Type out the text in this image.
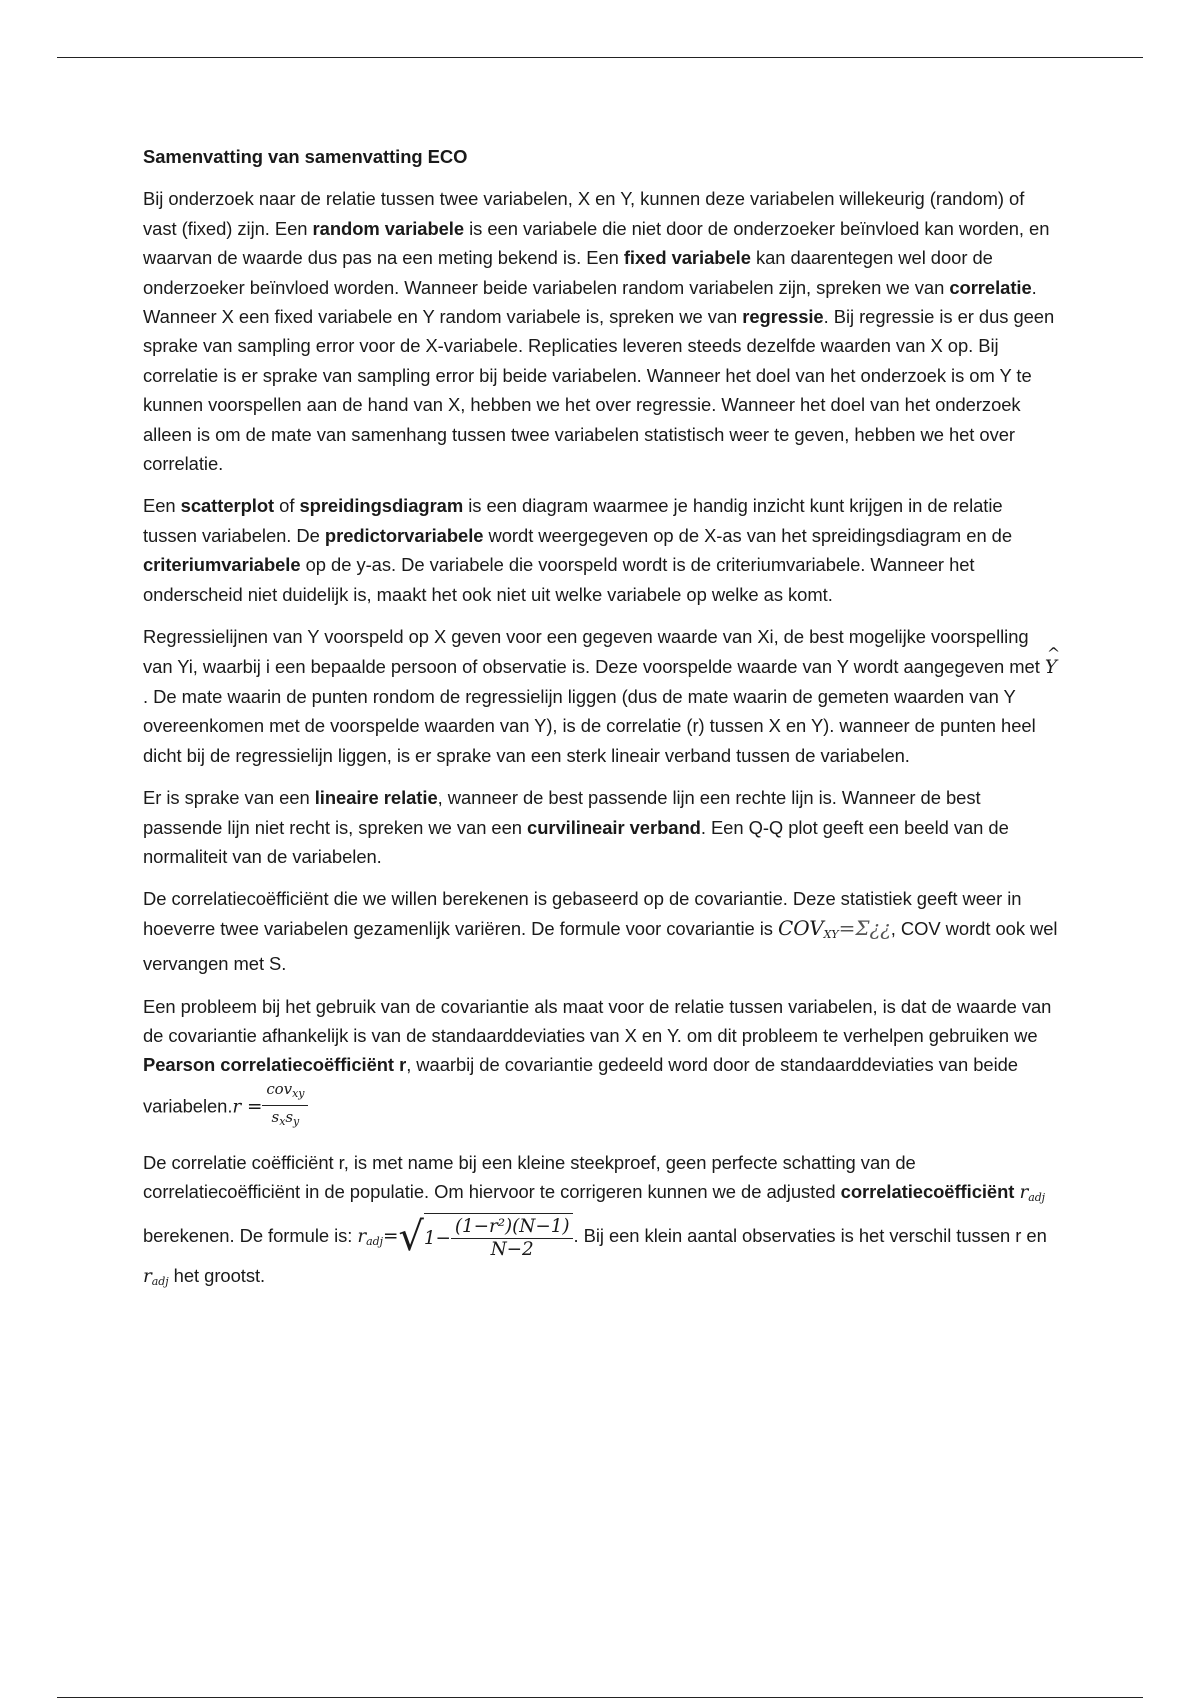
Samenvatting van samenvatting ECO

Bij onderzoek naar de relatie tussen twee variabelen, X en Y, kunnen deze variabelen willekeurig (random) of vast (fixed) zijn. Een random variabele is een variabele die niet door de onderzoeker beïnvloed kan worden, en waarvan de waarde dus pas na een meting bekend is. Een fixed variabele kan daarentegen wel door de onderzoeker beïnvloed worden. Wanneer beide variabelen random variabelen zijn, spreken we van correlatie. Wanneer X een fixed variabele en Y random variabele is, spreken we van regressie. Bij regressie is er dus geen sprake van sampling error voor de X-variabele. Replicaties leveren steeds dezelfde waarden van X op. Bij correlatie is er sprake van sampling error bij beide variabelen. Wanneer het doel van het onderzoek is om Y te kunnen voorspellen aan de hand van X, hebben we het over regressie. Wanneer het doel van het onderzoek alleen is om de mate van samenhang tussen twee variabelen statistisch weer te geven, hebben we het over correlatie.

Een scatterplot of spreidingsdiagram is een diagram waarmee je handig inzicht kunt krijgen in de relatie tussen variabelen. De predictorvariabele wordt weergegeven op de X-as van het spreidingsdiagram en de criteriumvariabele op de y-as. De variabele die voorspeld wordt is de criteriumvariabele. Wanneer het onderscheid niet duidelijk is, maakt het ook niet uit welke variabele op welke as komt.

Regressielijnen van Y voorspeld op X geven voor een gegeven waarde van Xi, de best mogelijke voorspelling van Yi, waarbij i een bepaalde persoon of observatie is. Deze voorspelde waarde van Y wordt aangegeven met ^ Y. De mate waarin de punten rondom de regressielijn liggen (dus de mate waarin de gemeten waarden van Y overeenkomen met de voorspelde waarden van Y), is de correlatie (r) tussen X en Y). wanneer de punten heel dicht bij de regressielijn liggen, is er sprake van een sterk lineair verband tussen de variabelen.

Er is sprake van een lineaire relatie, wanneer de best passende lijn een rechte lijn is. Wanneer de best passende lijn niet recht is, spreken we van een curvilineair verband. Een Q-Q plot geeft een beeld van de normaliteit van de variabelen.

De correlatiecoëfficiënt die we willen berekenen is gebaseerd op de covariantie. Deze statistiek geeft weer in hoeverre twee variabelen gezamenlijk variëren. De formule voor covariantie is $COV_{XY}=\Sigma¿¿$, COV wordt ook wel vervangen met S.

Een probleem bij het gebruik van de covariantie als maat voor de relatie tussen variabelen, is dat de waarde van de covariantie afhankelijk is van de standaarddeviaties van X en Y. om dit probleem te verhelpen gebruiken we Pearson correlatiecoëfficiënt r, waarbij de covariantie gedeeld word door de standaarddeviaties van beide variabelen.r = $\frac{cov_{xy}}{s_xs_y}$

De correlatie coëfficiënt r, is met name bij een kleine steekproef, geen perfecte schatting van de correlatiecoëfficiënt in de populatie. Om hiervoor te corrigeren kunnen we de adjusted correlatiecoëfficiënt $r_{adj}$ berekenen. De formule is: $r_{adj}=√1- \frac{\text{(1−r²)(N−1)}}{N-2}$ . Bij een klein aantal observaties is het verschil tussen r en $r_{adj}$ het grootst.
